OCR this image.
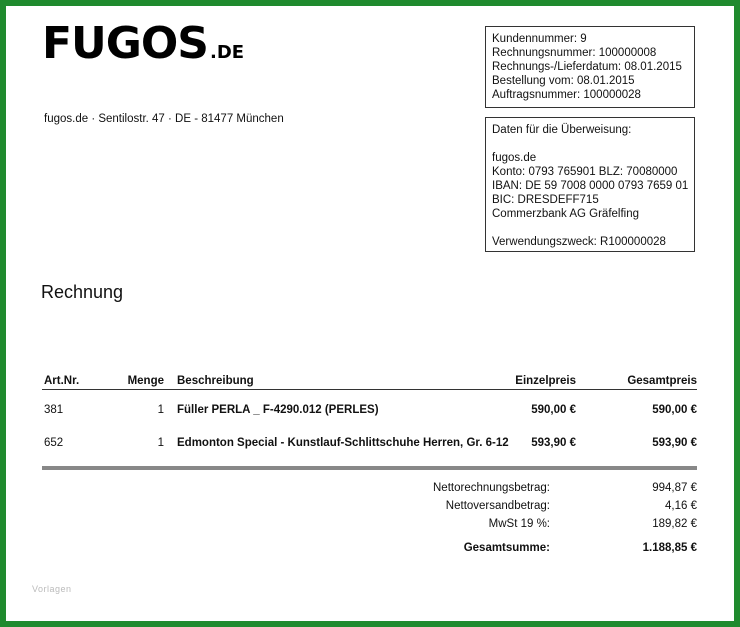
FUGOS .DE
fugos.de · Sentilostr. 47 · DE - 81477 München
Kundennummer: 9
Rechnungsnummer: 100000008
Rechnungs-/Lieferdatum: 08.01.2015
Bestellung vom: 08.01.2015
Auftragsnummer: 100000028
Daten für die Überweisung:
fugos.de
Konto: 0793 765901 BLZ: 70080000
IBAN: DE 59 7008 0000 0793 7659 01
BIC: DRESDEFF715
Commerzbank AG Gräfelfing
Verwendungszweck: R100000028
Rechnung
Art.Nr.	Menge Beschreibung	Einzelpreis	Gesamtpreis
381	1 Füller PERLA _ F-4290.012 (PERLES)	590,00 €	590,00 €
652	1 Edmonton Special - Kunstlauf-Schlittschuhe Herren, Gr. 6-12	593,90 €	593,90 €
Nettorechnungsbetrag:	994,87 €
Nettoversandbetrag:	4,16 €
MwSt 19 %:	189,82 €
Gesamtsumme:	1.188,85 €
Vorlagen
